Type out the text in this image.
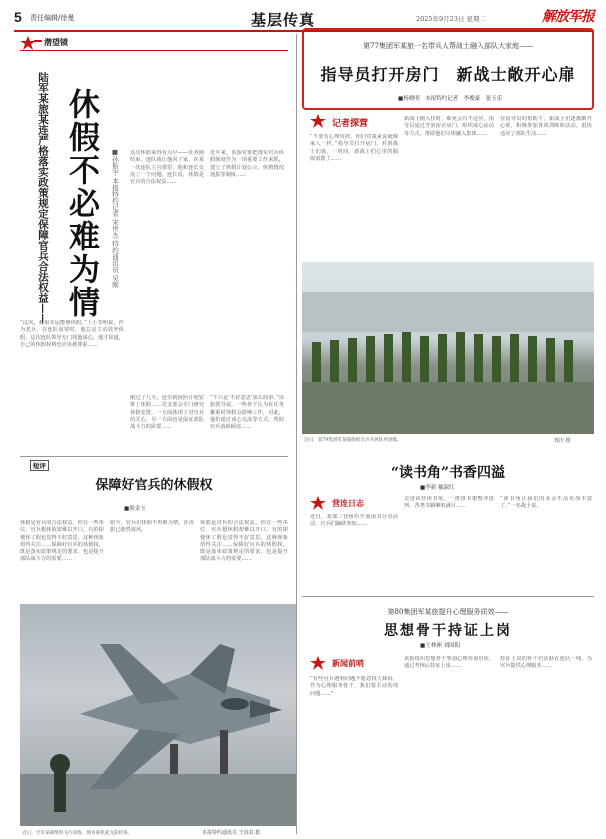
5 责任编辑/徐曼	基层传真	2025年9月23日 星期二	解放军报
潜望镜
陆军某旅某连严格落实政策规定保障官兵合法权益—— 休假不必难为情	■孙振宇 本报特约记者 宋世杰 特约通讯员 吴刚 这次休假来得有点早——任务刚结束，连队就让他回了家。在某一次连队主官那里，他和连长交流了一个问题，连长说，休假是官兵的合法权益……
近年来，该旅党委把落实官兵休假制度作为一项重要工作来抓，建立了休假计划公示、休假情况通报等制度……
“这次，我很幸运能够休假。”上士李明说，作为老兵，在连队需要时，他总是主动放弃休假。这次连队领导专门找他谈心，他才知道，自己的休假权利也应该被尊重……
刚过了几天，连里就按照计划安排了休假……党支部会专门研究休假安排，一方面体现了对官兵的关心，另一方面也是保证部队战斗力的需要……
“不只是‘不好意思’那么简单。”该旅领导说，一些骨干认为在任务繁重时休假会影响工作，对此，他们通过谈心交流等方式，帮助官兵消除顾虑……
短评
保障好官兵的休假权
■熊金玉
休假是官兵的合法权益。但在一些单位，官兵想休假却难以开口，有的即便休了假也觉得不好意思，这种现象值得关注……保障好官兵的休假权，既是落实政策规定的要求，也是提升部队战斗力的需要……
如今，官兵们休假不再难为情，在该旅已蔚然成风。
休假是官兵的合法权益。但在一些单位，官兵想休假却难以开口，有的即便休了假也觉得不好意思，这种现象值得关注……保障好官兵的休假权，既是落实政策规定的要求，也是提升部队战斗力的需要……
第77集团军某旅一名带兵人帮战士融入部队大家庭——
指导员打开房门　新战士敞开心扉
■杨晓明　本报特约记者　李俊豪　张玉乐
记者探营
“不要有心理负担，你们对我来说就像家人一样。”指导员打开房门，对新战士们说。一时间，新战士们心里的隔阂消散了……
新战士刚入伍时，难免会有不适应。指导员通过开放宿舍房门、组织谈心活动等方式，帮助他们尽快融入集体……
在指导员的帮助下，新战士们逐渐敞开心扉，积极参加各项训练和活动，很快适应了部队生活……
近日，第79集团军某旅组织官兵开展队列训练。	郑庆 摄
“读书角”书香四溢
■李新 戴淑红
营连日志
近日，某部三营组织开展读书分享活动，官兵们踊跃参加……
走进该营读书角，一排排书架整齐排列，各类书籍琳琅满目……
“读书角让我们的业余生活更加丰富了。”一名战士说。
第80集团军某旅提升心理服务质效——
思想骨干持证上岗
■王林洲 刘国阳
新闻前哨
“有些官兵遇到问题不愿意找人倾诉，作为心理服务骨干，我们要主动发现问题……”
该旅组织思想骨干参加心理咨询培训，通过考核后持证上岗……
持证上岗的骨干们活跃在连队一线，为官兵提供心理服务……
近日，空军某部组织飞行训练，图为战机起飞前检查。	本报特约通讯员 王国其 摄
